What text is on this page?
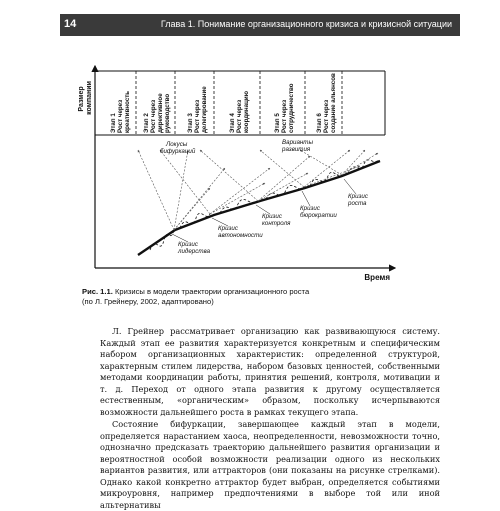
14	Глава 1. Понимание организационного кризиса и кризисной ситуации
Размер компании
Время
Этап 1 Рост через креативность Этап 2 Рост через директивное руководство	Этап 3 Рост через делегирование	Этап 4 Рост через координацию	Этап 5 Рост через сотрудничество	Этап 6 Рост через создание альянсов
Локусы бифуркаций
Варианты развития
Кризис лидерства
Кризис автономности
Кризис контроля
Кризис бюрократии
Кризис роста
Рис. 1.1. Кризисы в модели траектории организационного роста
(по Л. Грейнеру, 2002, адаптировано)

Л. Грейнер рассматривает организацию как развивающуюся систему. Каждый этап ее развития характеризуется конкретным и специфическим набором организационных характеристик: определенной структурой, характерным стилем лидерства, набором базовых ценностей, собственными методами координации работы, принятия решений, контроля, мотивации и т. д. Переход от одного этапа развития к другому осуществляется естественным, «органическим» образом, поскольку исчерпываются возможности дальнейшего роста в рамках текущего этапа.

Состояние бифуркации, завершающее каждый этап в модели, определяется нарастанием хаоса, неопределенности, невозможности точно, однозначно предсказать траекторию дальнейшего развития организации и вероятностной особой возможности реализации одного из нескольких вариантов развития, или аттракторов (они показаны на рисунке стрелками). Однако какой конкретно аттрактор будет выбран, определяется событиями микроуровня, например предпочтениями в выборе той или иной альтернативы
